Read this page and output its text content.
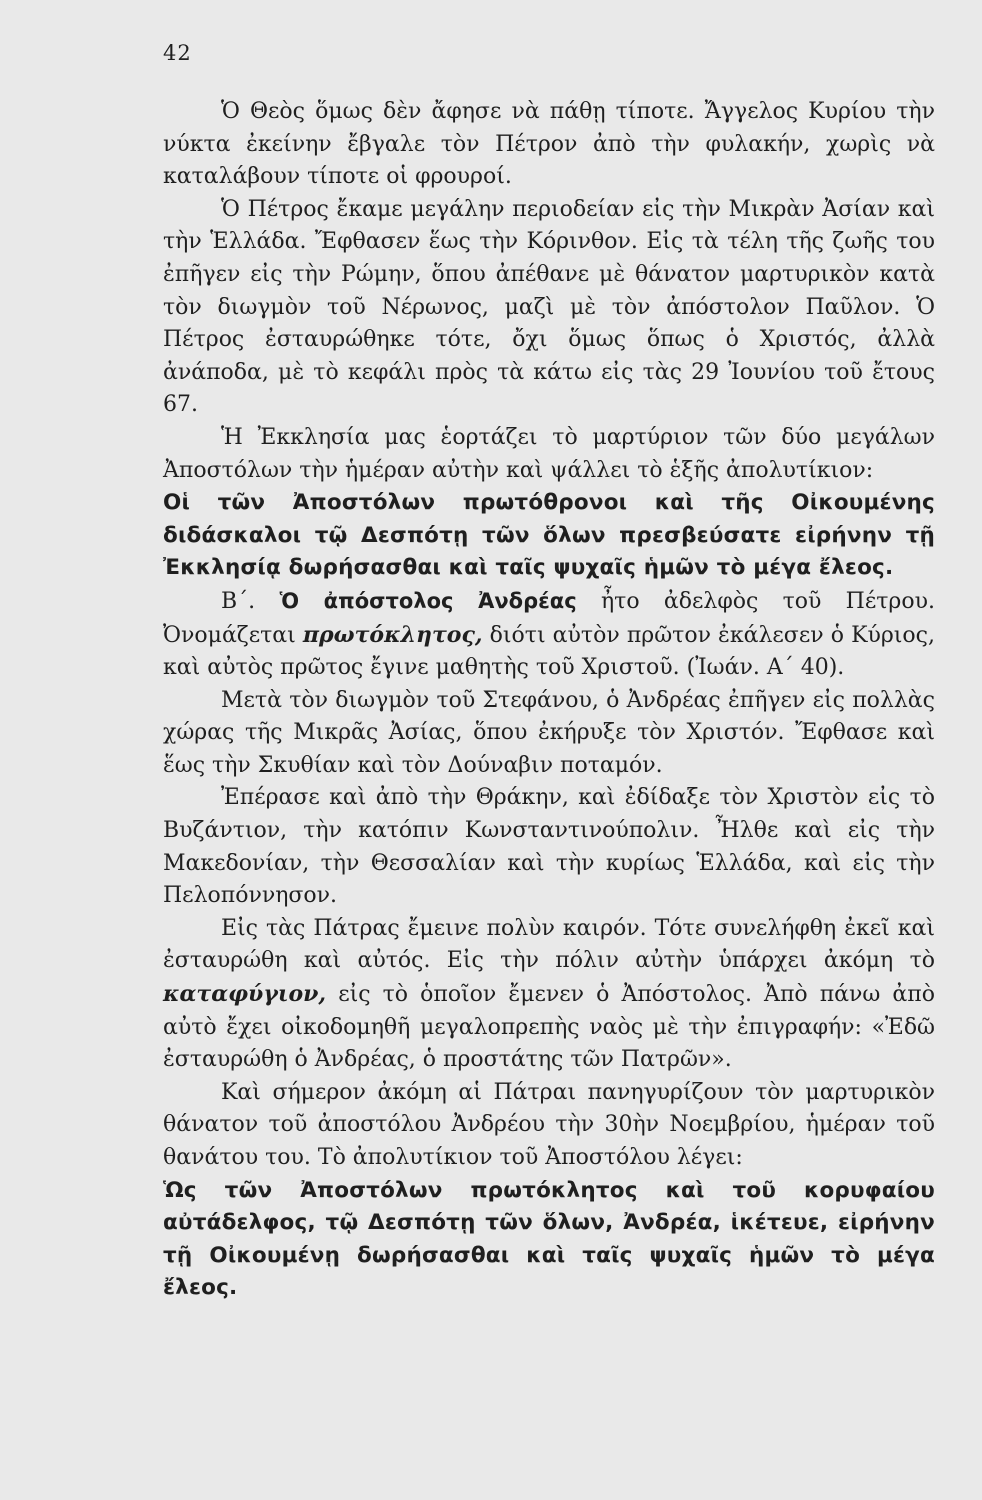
42

Ὁ Θεὸς ὅμως δὲν ἄφησε νὰ πάθῃ τίποτε. Ἄγγελος Κυρίου τὴν νύκτα ἐκείνην ἔβγαλε τὸν Πέτρον ἀπὸ τὴν φυλακήν, χωρὶς νὰ καταλάβουν τίποτε οἱ φρουροί.

Ὁ Πέτρος ἔκαμε μεγάλην περιοδείαν εἰς τὴν Μικρὰν Ἀσίαν καὶ τὴν Ἑλλάδα. Ἔφθασεν ἕως τὴν Κόρινθον. Εἰς τὰ τέλη τῆς ζωῆς του ἐπῆγεν εἰς τὴν Ρώμην, ὅπου ἀπέθανε μὲ θάνατον μαρτυρικὸν κατὰ τὸν διωγμὸν τοῦ Νέρωνος, μαζὶ μὲ τὸν ἀπόστολον Παῦλον. Ὁ Πέτρος ἐσταυρώθηκε τότε, ὄχι ὅμως ὅπως ὁ Χριστός, ἀλλὰ ἀνάποδα, μὲ τὸ κεφάλι πρὸς τὰ κάτω εἰς τὰς 29 Ἰουνίου τοῦ ἔτους 67.

Ἡ Ἐκκλησία μας ἑορτάζει τὸ μαρτύριον τῶν δύο μεγάλων Ἀποστόλων τὴν ἡμέραν αὐτὴν καὶ ψάλλει τὸ ἑξῆς ἀπολυτίκιον:

Οἱ τῶν Ἀποστόλων πρωτόθρονοι καὶ τῆς Οἰκουμένης διδάσκαλοι τῷ Δεσπότῃ τῶν ὅλων πρεσβεύσατε εἰρήνην τῇ Ἐκκλησίᾳ δωρήσασθαι καὶ ταῖς ψυχαῖς ἡμῶν τὸ μέγα ἔλεος.

Β΄. Ὁ ἀπόστολος Ἀνδρέας ἦτο ἀδελφὸς τοῦ Πέτρου. Ὀνομάζεται πρωτόκλητος, διότι αὐτὸν πρῶτον ἐκάλεσεν ὁ Κύριος, καὶ αὐτὸς πρῶτος ἔγινε μαθητὴς τοῦ Χριστοῦ. (Ἰωάν. Α΄ 40).

Μετὰ τὸν διωγμὸν τοῦ Στεφάνου, ὁ Ἀνδρέας ἐπῆγεν εἰς πολλὰς χώρας τῆς Μικρᾶς Ἀσίας, ὅπου ἐκήρυξε τὸν Χριστόν. Ἔφθασε καὶ ἕως τὴν Σκυθίαν καὶ τὸν Δούναβιν ποταμόν.

Ἐπέρασε καὶ ἀπὸ τὴν Θράκην, καὶ ἐδίδαξε τὸν Χριστὸν εἰς τὸ Βυζάντιον, τὴν κατόπιν Κωνσταντινούπολιν. Ἦλθε καὶ εἰς τὴν Μακεδονίαν, τὴν Θεσσαλίαν καὶ τὴν κυρίως Ἑλλάδα, καὶ εἰς τὴν Πελοπόννησον.

Εἰς τὰς Πάτρας ἔμεινε πολὺν καιρόν. Τότε συνελήφθη ἐκεῖ καὶ ἐσταυρώθη καὶ αὐτός. Εἰς τὴν πόλιν αὐτὴν ὑπάρχει ἀκόμη τὸ καταφύγιον, εἰς τὸ ὁποῖον ἔμενεν ὁ Ἀπόστολος. Ἀπὸ πάνω ἀπὸ αὐτὸ ἔχει οἰκοδομηθῆ μεγαλοπρεπὴς ναὸς μὲ τὴν ἐπιγραφήν: «Ἐδῶ ἐσταυρώθη ὁ Ἀνδρέας, ὁ προστάτης τῶν Πατρῶν».

Καὶ σήμερον ἀκόμη αἱ Πάτραι πανηγυρίζουν τὸν μαρτυρικὸν θάνατον τοῦ ἀποστόλου Ἀνδρέου τὴν 30ὴν Νοεμβρίου, ἡμέραν τοῦ θανάτου του. Τὸ ἀπολυτίκιον τοῦ Ἀποστόλου λέγει:

Ὡς τῶν Ἀποστόλων πρωτόκλητος καὶ τοῦ κορυφαίου αὐτάδελφος, τῷ Δεσπότῃ τῶν ὅλων, Ἀνδρέα, ἱκέτευε, εἰρήνην τῇ Οἰκουμένῃ δωρήσασθαι καὶ ταῖς ψυχαῖς ἡμῶν τὸ μέγα ἔλεος.
